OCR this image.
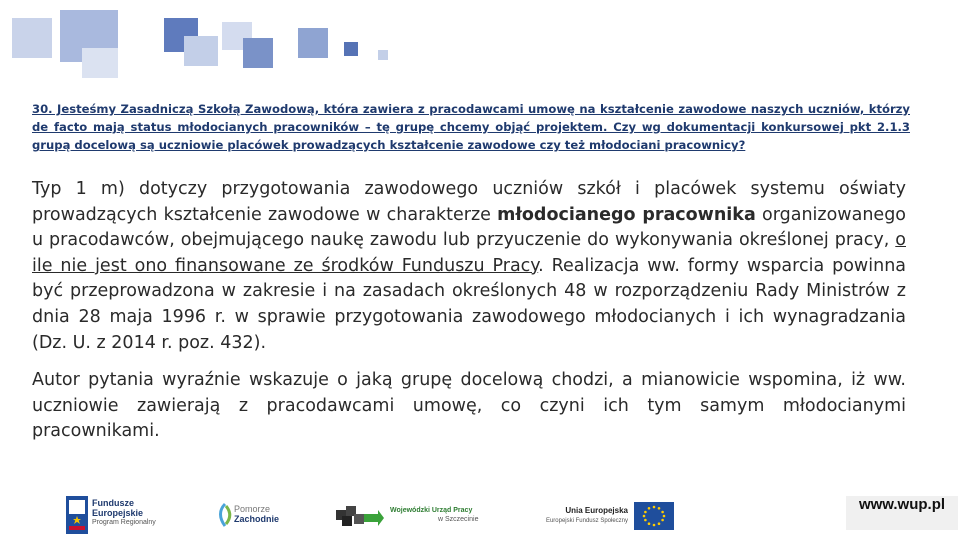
30. Jesteśmy Zasadniczą Szkołą Zawodową, która zawiera z pracodawcami umowę na kształcenie zawodowe naszych uczniów, którzy de facto mają status młodocianych pracowników – tę grupę chcemy objąć projektem. Czy wg dokumentacji konkursowej pkt 2.1.3 grupą docelową są uczniowie placówek prowadzących kształcenie zawodowe czy też młodociani pracownicy?

Typ 1 m) dotyczy przygotowania zawodowego uczniów szkół i placówek systemu oświaty prowadzących kształcenie zawodowe w charakterze młodocianego pracownika organizowanego u pracodawców, obejmującego naukę zawodu lub przyuczenie do wykonywania określonej pracy, o ile nie jest ono finansowane ze środków Funduszu Pracy. Realizacja ww. formy wsparcia powinna być przeprowadzona w zakresie i na zasadach określonych 48 w rozporządzeniu Rady Ministrów z dnia 28 maja 1996 r. w sprawie przygotowania zawodowego młodocianych i ich wynagradzania (Dz. U. z 2014 r. poz. 432).

Autor pytania wyraźnie wskazuje o jaką grupę docelową chodzi, a mianowicie wspomina, iż ww. uczniowie zawierają z pracodawcami umowę, co czyni ich tym samym młodocianymi pracownikami.

Fundusze
Europejskie
Program Regionalny
Pomorze
Zachodnie
Wojewódzki Urząd Pracy
w Szczecinie
Unia Europejska
Europejski Fundusz Społeczny
www.wup.pl
